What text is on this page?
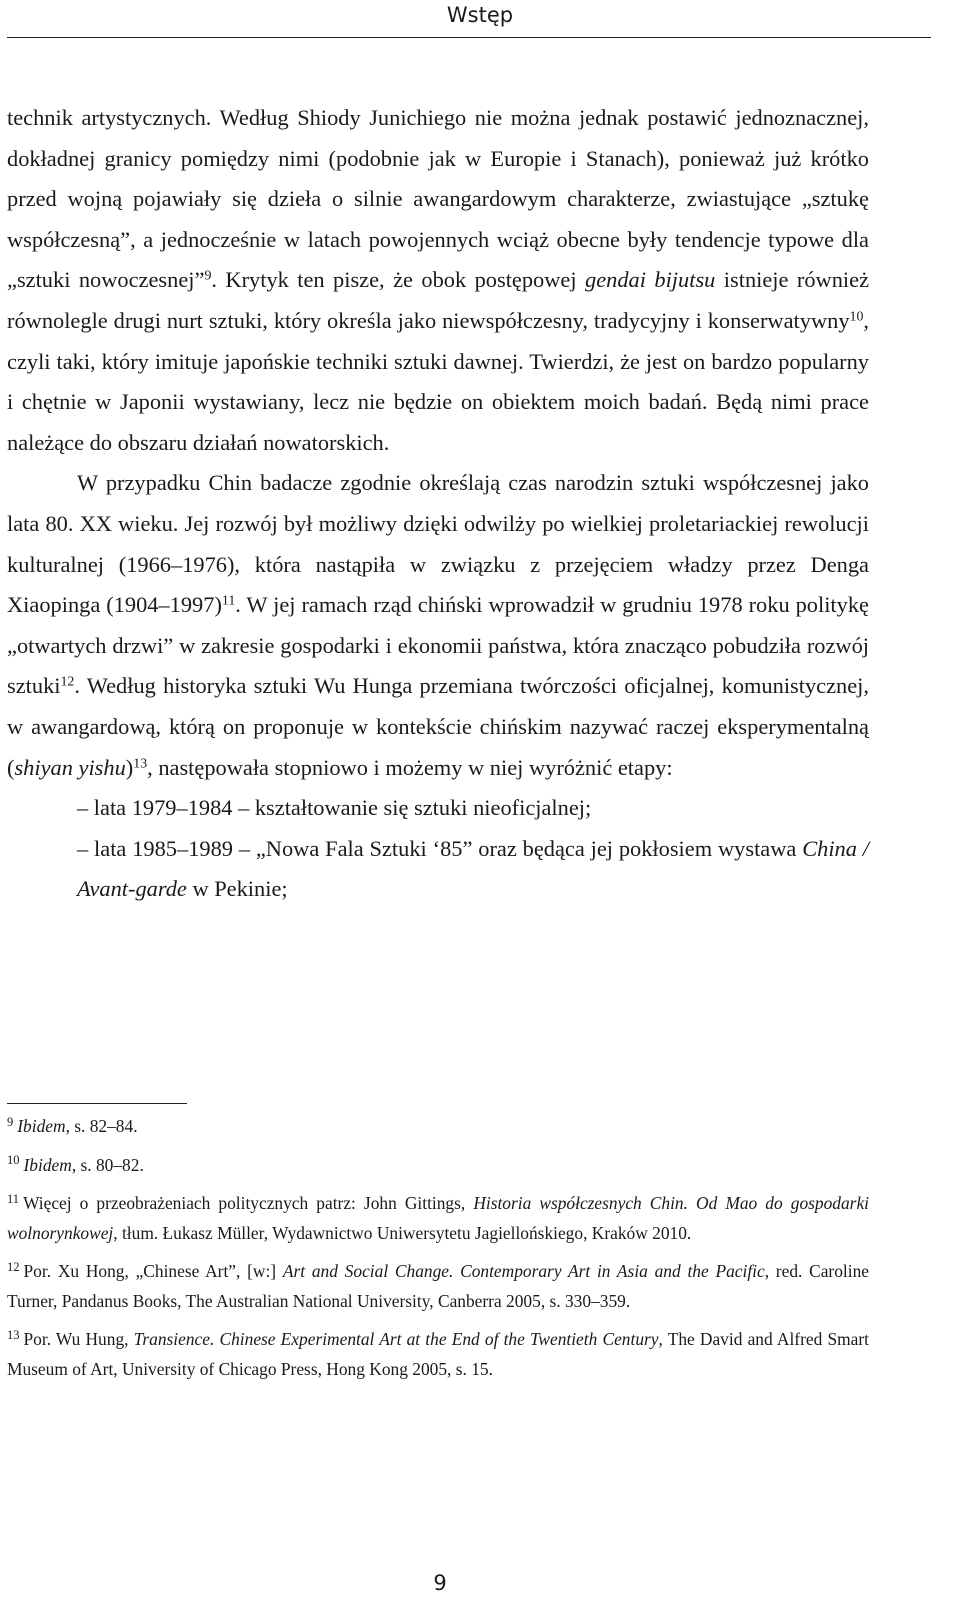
Wstęp

technik artystycznych. Według Shiody Junichiego nie można jednak postawić jednoznacznej, dokładnej granicy pomiędzy nimi (podobnie jak w Europie i Stanach), ponieważ już krótko przed wojną pojawiały się dzieła o silnie awangardowym charakterze, zwiastujące „sztukę współczesną”, a jednocześnie w latach powojennych wciąż obecne były tendencje typowe dla „sztuki nowoczesnej”$^9$. Krytyk ten pisze, że obok postępowej gendai bijutsu istnieje również równolegle drugi nurt sztuki, który określa jako niewspółczesny, tradycyjny i konserwatywny$^{10}$, czyli taki, który imituje japońskie techniki sztuki dawnej. Twierdzi, że jest on bardzo popularny i chętnie w Japonii wystawiany, lecz nie będzie on obiektem moich badań. Będą nimi prace należące do obszaru działań nowatorskich.

W przypadku Chin badacze zgodnie określają czas narodzin sztuki współczesnej jako lata 80. XX wieku. Jej rozwój był możliwy dzięki odwilży po wielkiej proletariackiej rewolucji kulturalnej (1966–1976), która nastąpiła w związku z przejęciem władzy przez Denga Xiaopinga (1904–1997)$^{11}$. W jej ramach rząd chiński wprowadził w grudniu 1978 roku politykę „otwartych drzwi” w zakresie gospodarki i ekonomii państwa, która znacząco pobudziła rozwój sztuki$^{12}$. Według historyka sztuki Wu Hunga przemiana twórczości oficjalnej, komunistycznej, w awangardową, którą on proponuje w kontekście chińskim nazywać raczej eksperymentalną (shiyan yishu)$^{13}$, następowała stopniowo i możemy w niej wyróżnić etapy:

– lata 1979–1984 – kształtowanie się sztuki nieoficjalnej;

– lata 1985–1989 – „Nowa Fala Sztuki ‘85” oraz będąca jej pokłosiem wystawa China / Avant-garde w Pekinie;

$^9$ Ibidem, s. 82–84.

$^{10}$ Ibidem, s. 80–82.

$^{11}$ Więcej o przeobrażeniach politycznych patrz: John Gittings, Historia współczesnych Chin. Od Mao do gospodarki wolnorynkowej, tłum. Łukasz Müller, Wydawnictwo Uniwersytetu Jagiellońskiego, Kraków 2010.

$^{12}$ Por. Xu Hong, „Chinese Art”, [w:] Art and Social Change. Contemporary Art in Asia and the Pacific, red. Caroline Turner, Pandanus Books, The Australian National University, Canberra 2005, s. 330–359.

$^{13}$ Por. Wu Hung, Transience. Chinese Experimental Art at the End of the Twentieth Century, The David and Alfred Smart Museum of Art, University of Chicago Press, Hong Kong 2005, s. 15.

9
